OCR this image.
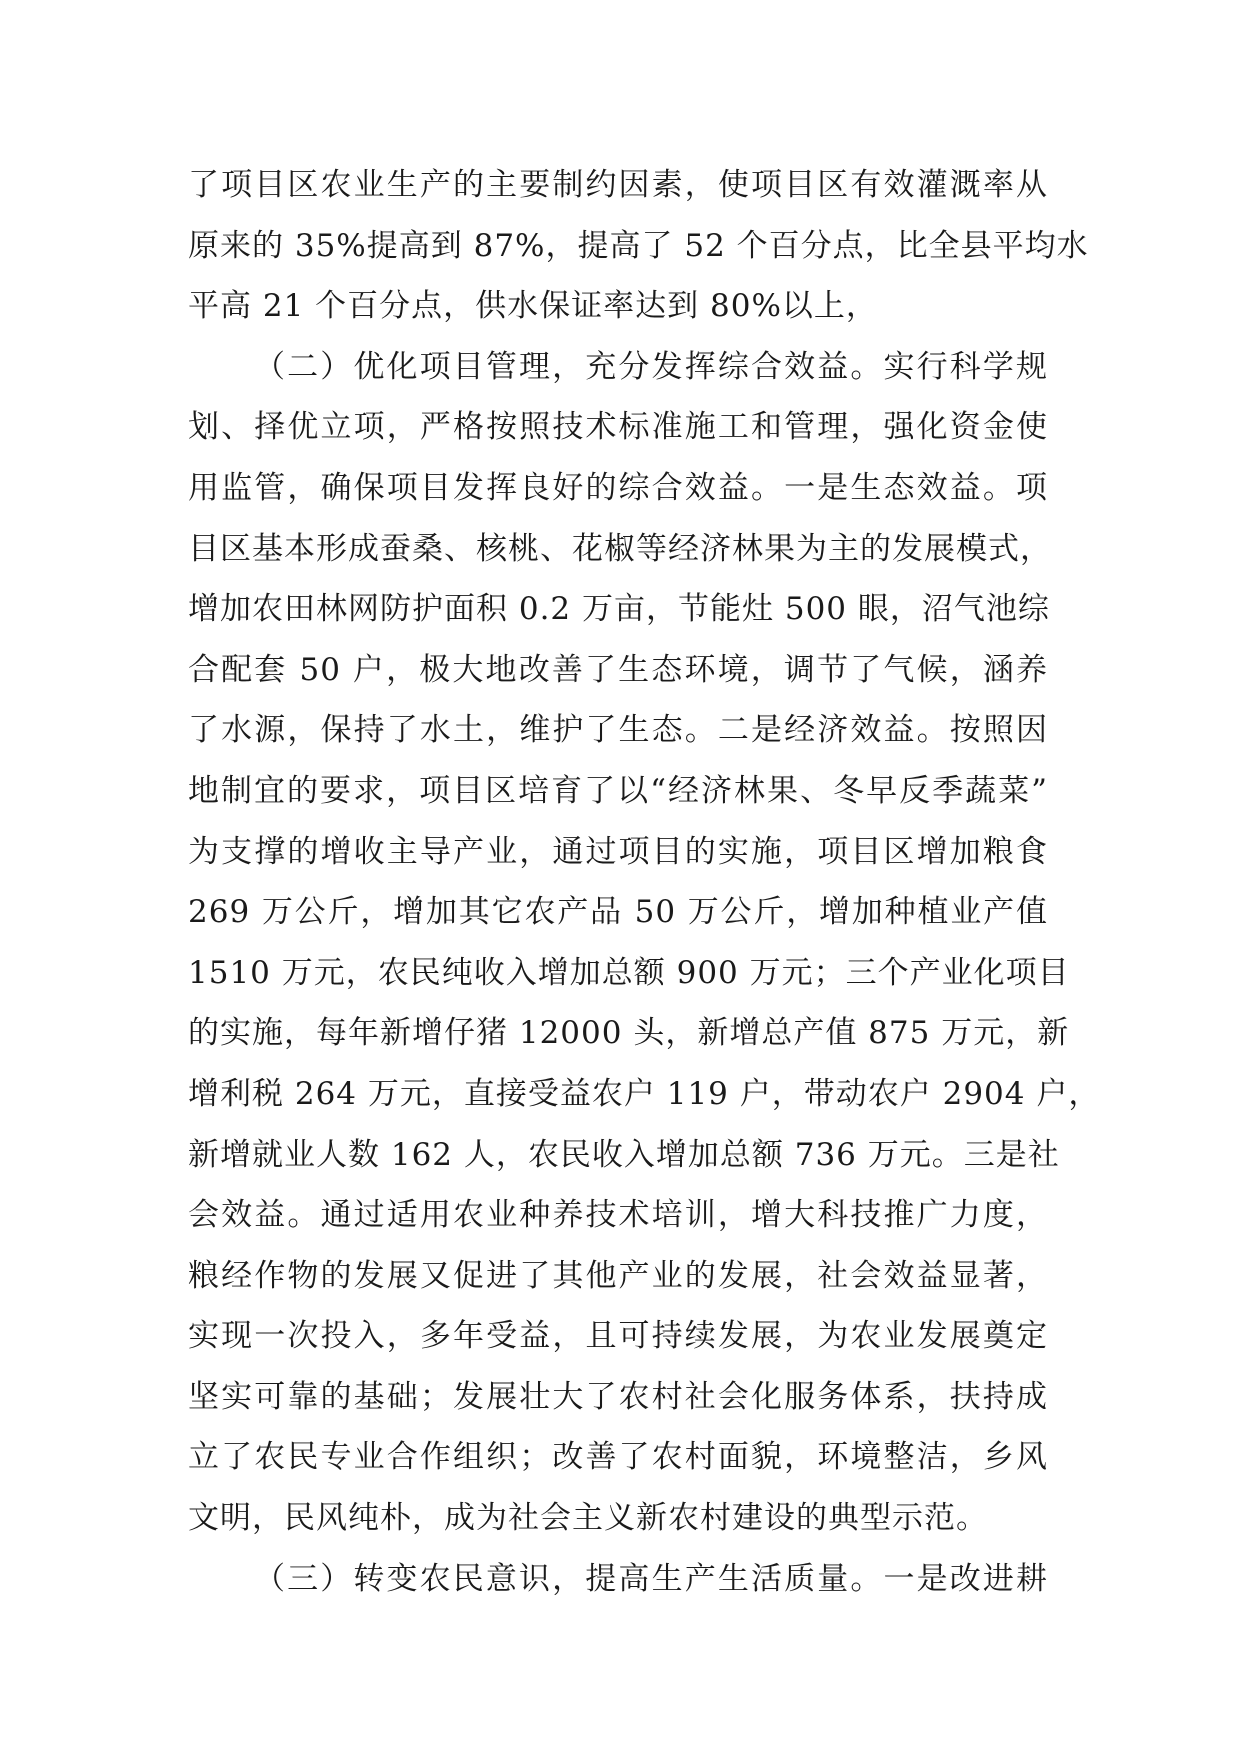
了项目区农业生产的主要制约因素，使项目区有效灌溉率从
原来的 35%提高到 87%，提高了 52 个百分点，比全县平均水
平高 21 个百分点，供水保证率达到 80%以上，
（二）优化项目管理，充分发挥综合效益。实行科学规
划、择优立项，严格按照技术标准施工和管理，强化资金使
用监管，确保项目发挥良好的综合效益。一是生态效益。项
目区基本形成蚕桑、核桃、花椒等经济林果为主的发展模式，
增加农田林网防护面积 0.2 万亩，节能灶 500 眼，沼气池综
合配套 50 户，极大地改善了生态环境，调节了气候，涵养
了水源，保持了水土，维护了生态。二是经济效益。按照因
地制宜的要求，项目区培育了以“经济林果、冬早反季蔬菜”
为支撑的增收主导产业，通过项目的实施，项目区增加粮食
269 万公斤，增加其它农产品 50 万公斤，增加种植业产值
1510 万元，农民纯收入增加总额 900 万元；三个产业化项目
的实施，每年新增仔猪 12000 头，新增总产值 875 万元，新
增利税 264 万元，直接受益农户 119 户，带动农户 2904 户，
新增就业人数 162 人，农民收入增加总额 736 万元。三是社
会效益。通过适用农业种养技术培训，增大科技推广力度，
粮经作物的发展又促进了其他产业的发展，社会效益显著，
实现一次投入，多年受益，且可持续发展，为农业发展奠定
坚实可靠的基础；发展壮大了农村社会化服务体系，扶持成
立了农民专业合作组织；改善了农村面貌，环境整洁，乡风
文明，民风纯朴，成为社会主义新农村建设的典型示范。
（三）转变农民意识，提高生产生活质量。一是改进耕
